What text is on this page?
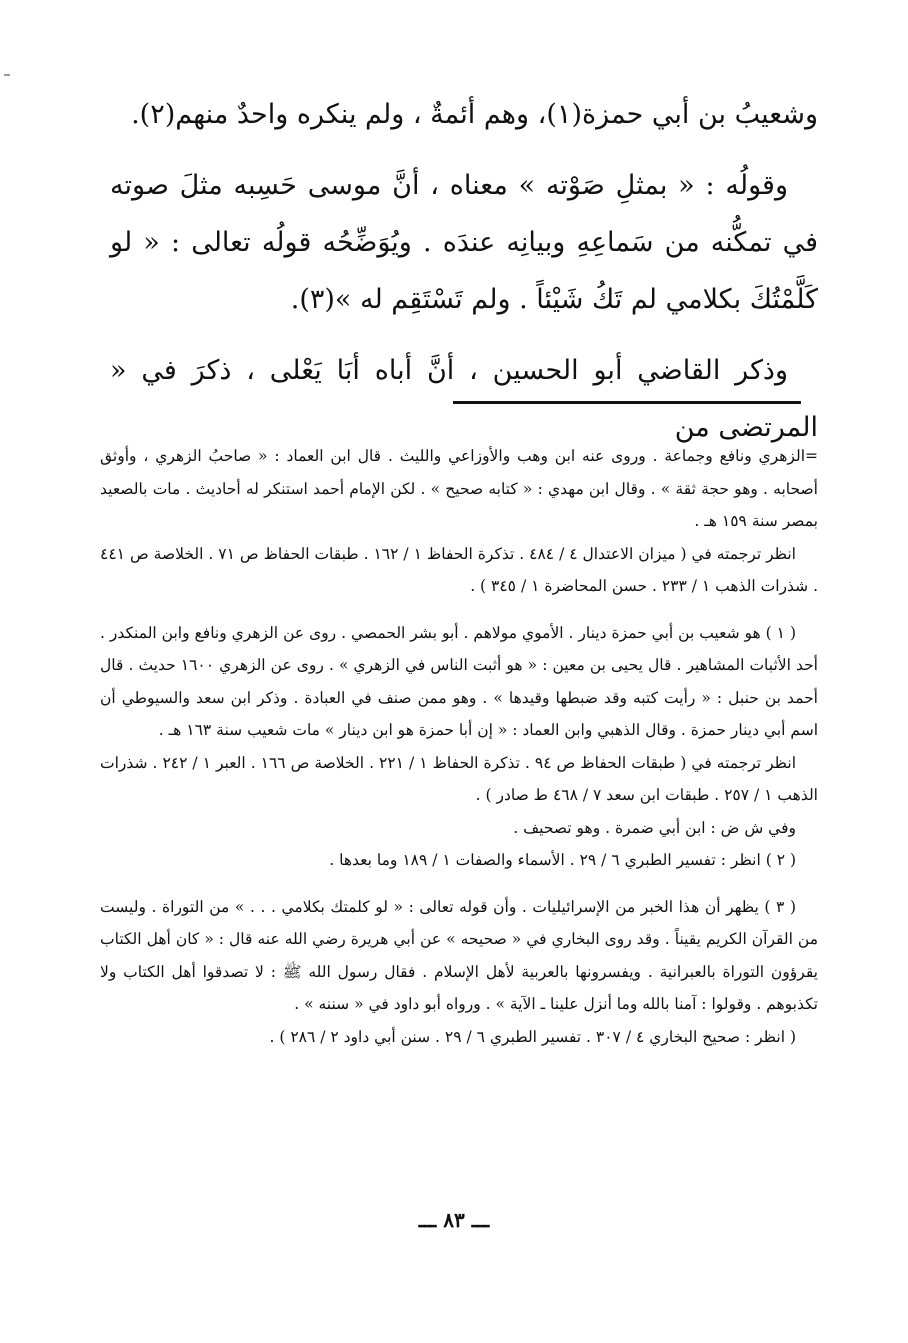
وشعيبُ بن أبي حمزة(١)، وهم أئمةٌ ، ولم ينكره واحدٌ منهم(٢).

وقولُه : « بمثلِ صَوْته » معناه ، أنَّ موسى حَسِبه مثلَ صوته في تمكُّنه من سَماعِهِ وبيانِه عندَه . ويُوَضِّحُه قولُه تعالى : « لو كَلَّمْتُكَ بكلامي لم تَكُ شَيْئاً . ولم تَسْتَقِم له »(٣).

وذكر القاضي أبو الحسين ، أنَّ أباه أبَا يَعْلى ، ذكرَ في « المرتضى من

=الزهري ونافع وجماعة . وروى عنه ابن وهب والأوزاعي والليث . قال ابن العماد : « صاحبُ الزهري ، وأوثق أصحابه . وهو حجة ثقة » . وقال ابن مهدي : « كتابه صحيح » . لكن الإمام أحمد استنكر له أحاديث . مات بالصعيد بمصر سنة ١٥٩ هـ .

انظر ترجمته في ( ميزان الاعتدال ٤ / ٤٨٤ . تذكرة الحفاظ ١ / ١٦٢ . طبقات الحفاظ ص ٧١ . الخلاصة ص ٤٤١ . شذرات الذهب ١ / ٢٣٣ . حسن المحاضرة ١ / ٣٤٥ ) .

( ١ ) هو شعيب بن أبي حمزة دينار . الأموي مولاهم . أبو بشر الحمصي . روى عن الزهري ونافع وابن المنكدر . أحد الأثبات المشاهير . قال يحيى بن معين : « هو أثبت الناس في الزهري » . روى عن الزهري ١٦٠٠ حديث . قال أحمد بن حنبل : « رأيت كتبه وقد ضبطها وقيدها » . وهو ممن صنف في العبادة . وذكر ابن سعد والسيوطي أن اسم أبي دينار حمزة . وقال الذهبي وابن العماد : « إن أبا حمزة هو ابن دينار » مات شعيب سنة ١٦٣ هـ .

انظر ترجمته في ( طبقات الحفاظ ص ٩٤ . تذكرة الحفاظ ١ / ٢٢١ . الخلاصة ص ١٦٦ . العبر ١ / ٢٤٢ . شذرات الذهب ١ / ٢٥٧ . طبقات ابن سعد ٧ / ٤٦٨ ط صادر ) .

وفي ش ض : ابن أبي ضمرة . وهو تصحيف .

( ٢ ) انظر : تفسير الطبري ٦ / ٢٩ . الأسماء والصفات ١ / ١٨٩ وما بعدها .

( ٣ ) يظهر أن هذا الخبر من الإسرائيليات . وأن قوله تعالى : « لو كلمتك بكلامي . . . » من التوراة . وليست من القرآن الكريم يقيناً . وقد روى البخاري في « صحيحه » عن أبي هريرة رضي الله عنه قال : « كان أهل الكتاب يقرؤون التوراة بالعبرانية . ويفسرونها بالعربية لأهل الإسلام . فقال رسول الله ﷺ : لا تصدقوا أهل الكتاب ولا تكذبوهم . وقولوا : آمنا بالله وما أنزل علينا ـ الآية » . ورواه أبو داود في « سننه » .

( انظر : صحيح البخاري ٤ / ٣٠٧ . تفسير الطبري ٦ / ٢٩ . سنن أبي داود ٢ / ٢٨٦ ) .

ـــ ٨٣ ـــ
